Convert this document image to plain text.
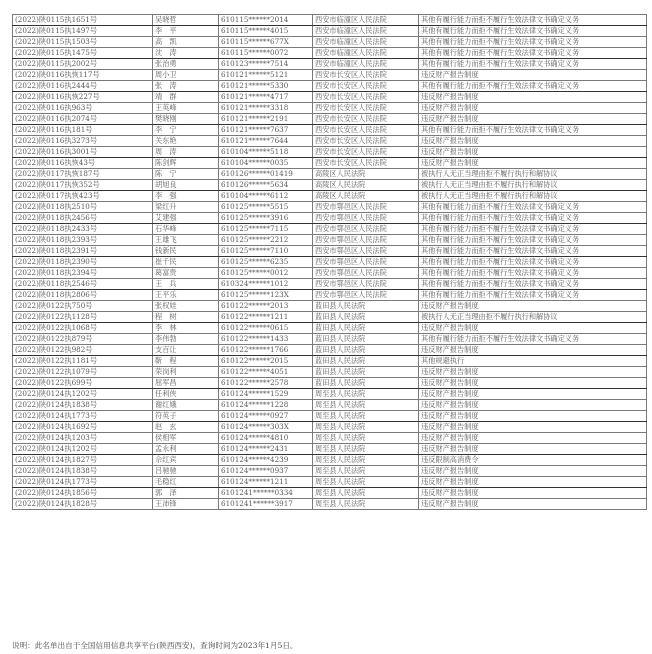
(2022)陕0115执1651号	吴晓哲	610115******2014	西安市临潼区人民法院	其他有履行能力而拒不履行生效法律文书确定义务
(2022)陕0115执1497号	李　平	610115******4015	西安市临潼区人民法院	其他有履行能力而拒不履行生效法律文书确定义务
(2022)陕0115执1503号	高　凯	610115******677X	西安市临潼区人民法院	其他有履行能力而拒不履行生效法律文书确定义务
(2022)陕0115执1475号	沈　涛	610115******0072	西安市临潼区人民法院	其他有履行能力而拒不履行生效法律文书确定义务
(2022)陕0115执2002号	张治勇	610123******7514	西安市临潼区人民法院	其他有履行能力而拒不履行生效法律文书确定义务
(2022)陕0116执恢117号	周小卫	610121******5121	西安市长安区人民法院	违反财产报告制度
(2022)陕0116执2444号	张　涛	610121******5330	西安市长安区人民法院	其他有履行能力而拒不履行生效法律文书确定义务
(2022)陕0116执恢227号	靖　群	610121******4717	西安市长安区人民法院	违反财产报告制度
(2022)陕0116执963号	王英峰	610121******3318	西安市长安区人民法院	违反财产报告制度
(2022)陕0116执2074号	樊晓刚	610121******2191	西安市长安区人民法院	违反财产报告制度
(2022)陕0116执181号	李　宁	610121******7637	西安市长安区人民法院	其他有履行能力而拒不履行生效法律文书确定义务
(2022)陕0116执3273号	关东艳	610121******7644	西安市长安区人民法院	违反财产报告制度
(2022)陕0116执3001号	周　涛	610104******5118	西安市长安区人民法院	违反财产报告制度
(2022)陕0116执恢43号	陈剑辉	610104******0035	西安市长安区人民法院	违反财产报告制度
(2022)陕0117执恢187号	陈　宁	610126******01419	高陵区人民法院	被执行人无正当理由拒不履行执行和解协议
(2022)陕0117执恢352号	胡旭良	610126******5634	高陵区人民法院	被执行人无正当理由拒不履行执行和解协议
(2022)陕0117执恢423号	李　强	610104******6112	高陵区人民法院	被执行人无正当理由拒不履行执行和解协议
(2022)陕0118执2510号	梁红升	610125******5515	西安市鄠邑区人民法院	其他有履行能力而拒不履行生效法律文书确定义务
(2022)陕0118执2456号	艾建强	610125******3916	西安市鄠邑区人民法院	其他有履行能力而拒不履行生效法律文书确定义务
(2022)陕0118执2433号	石华峰	610125******7115	西安市鄠邑区人民法院	其他有履行能力而拒不履行生效法律文书确定义务
(2022)陕0118执2393号	王雄飞	610125******2212	西安市鄠邑区人民法院	其他有履行能力而拒不履行生效法律文书确定义务
(2022)陕0118执2391号	钱新民	610125******7110	西安市鄠邑区人民法院	其他有履行能力而拒不履行生效法律文书确定义务
(2022)陕0118执2390号	崔千民	610125******6235	西安市鄠邑区人民法院	其他有履行能力而拒不履行生效法律文书确定义务
(2022)陕0118执2394号	葛富贵	610125******0012	西安市鄠邑区人民法院	其他有履行能力而拒不履行生效法律文书确定义务
(2022)陕0118执2546号	王　兵	610324******1012	西安市鄠邑区人民法院	其他有履行能力而拒不履行生效法律文书确定义务
(2022)陕0118执2806号	王平乐	610125******123X	西安市鄠邑区人民法院	其他有履行能力而拒不履行生效法律文书确定义务
(2022)陕0122执750号	张权娃	610122******2013	蓝田县人民法院	违反财产报告制度
(2022)陕0122执1128号	程　树	610122******1211	蓝田县人民法院	被执行人无正当理由拒不履行执行和解协议
(2022)陕0122执1068号	李　林	610122******0615	蓝田县人民法院	违反财产报告制度
(2022)陕0122执879号	李伟勃	610122******1433	蓝田县人民法院	其他有履行能力而拒不履行生效法律文书确定义务
(2022)陕0122执982号	支百让	610122******1766	蓝田县人民法院	违反财产报告制度
(2022)陕0122执1181号	靳　程	610122******2015	蓝田县人民法院	其他规避执行
(2022)陕0122执1079号	荣岗利	610122******4051	蓝田县人民法院	违反财产报告制度
(2022)陕0122执699号	屈军昌	610122******2578	蓝田县人民法院	违反财产报告制度
(2022)陕0124执1202号	任利侠	610124******1529	周至县人民法院	违反财产报告制度
(2022)陕0124执1838号	谢红娥	610124******1228	周至县人民法院	违反财产报告制度
(2022)陕0124执1773号	符英子	610124******0927	周至县人民法院	违反财产报告制度
(2022)陕0124执1692号	赵　玄	610124******303X	周至县人民法院	违反财产报告制度
(2022)陕0124执1203号	侯相军	610124******4810	周至县人民法院	违反财产报告制度
(2022)陕0124执1202号	孟永利	610124******2431	周至县人民法院	违反财产报告制度
(2022)陕0124执1827号	佘红宾	610124******4239	周至县人民法院	违反限制高消费令
(2022)陕0124执1838号	吕驰驰	610124******0937	周至县人民法院	违反财产报告制度
(2022)陕0124执1773号	毛稳红	610124******1211	周至县人民法院	违反财产报告制度
(2022)陕0124执1856号	郭　泽	6101241******0334	周至县人民法院	违反财产报告制度
(2022)陕0124执1828号	王沛锋	6101241******3917	周至县人民法院	违反财产报告制度
说明：此名单出自于全国信用信息共享平台(陕西西安)，查询时间为2023年1月5日。
